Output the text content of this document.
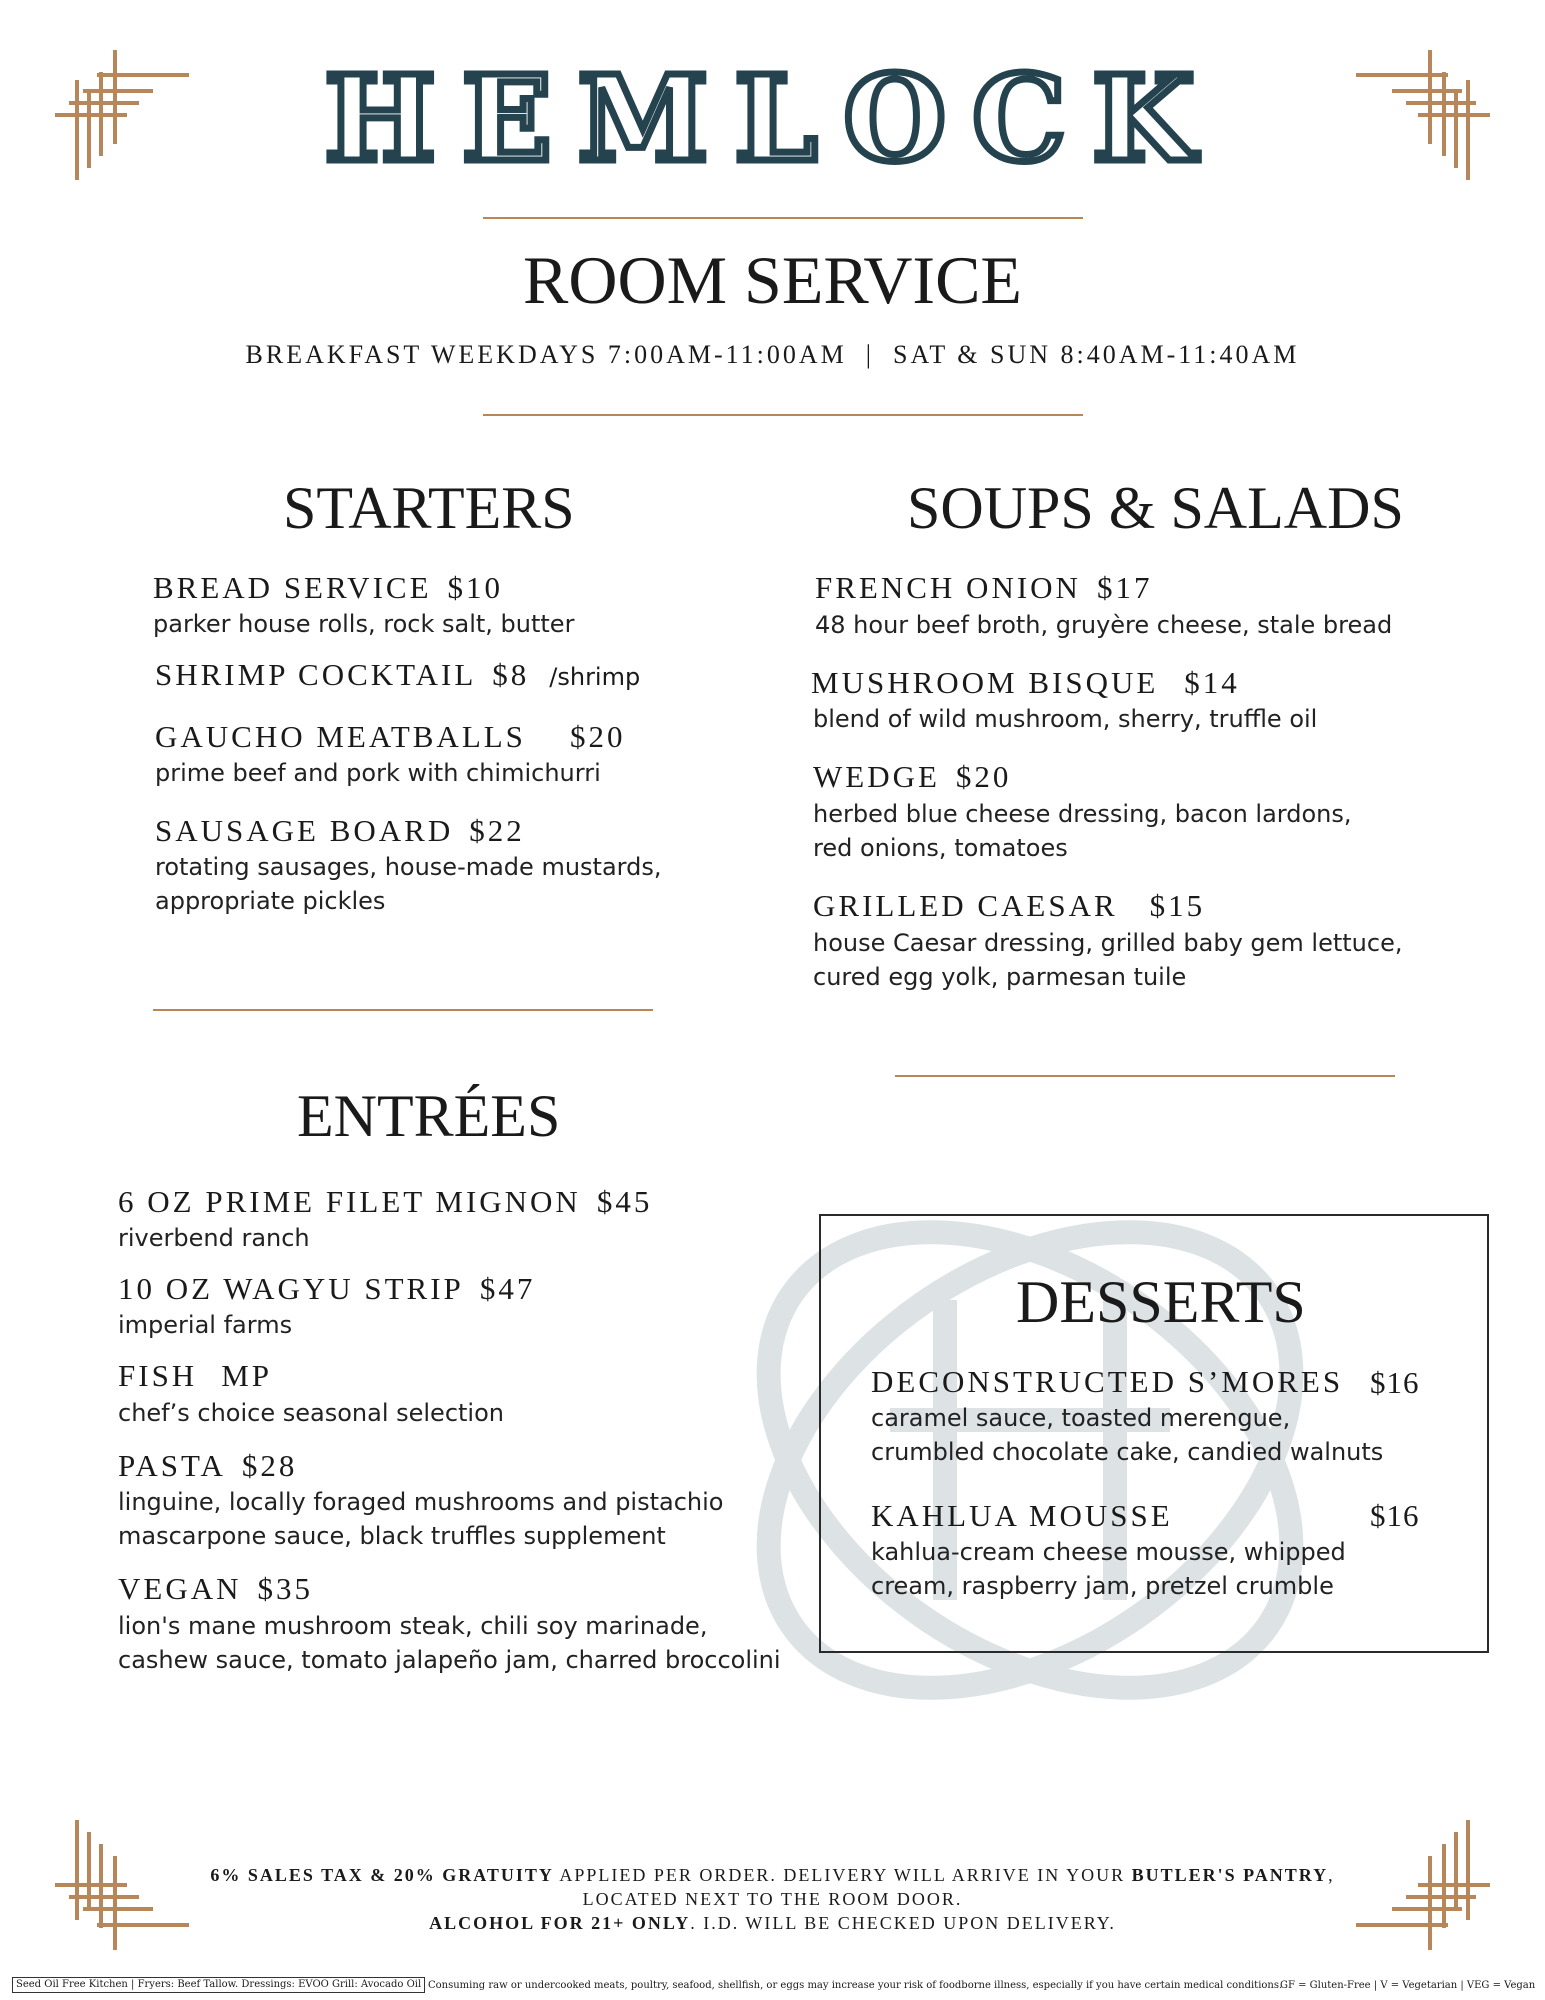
HEMLOCK
ROOM SERVICE
BREAKFAST WEEKDAYS 7:00AM-11:00AM  |  SAT & SUN 8:40AM-11:40AM
STARTERS
BREAD SERVICE $10
parker house rolls, rock salt, butter
SHRIMP COCKTAIL $8 /shrimp
GAUCHO MEATBALLS $20
prime beef and pork with chimichurri
SAUSAGE BOARD $22
rotating sausages, house-made mustards,
appropriate pickles
SOUPS & SALADS
FRENCH ONION $17
48 hour beef broth, gruyère cheese, stale bread
MUSHROOM BISQUE $14
blend of wild mushroom, sherry, truffle oil
WEDGE $20
herbed blue cheese dressing, bacon lardons,
red onions, tomatoes
GRILLED CAESAR $15
house Caesar dressing, grilled baby gem lettuce,
cured egg yolk, parmesan tuile
ENTRÉES
6 OZ PRIME FILET MIGNON $45
riverbend ranch
10 OZ WAGYU STRIP $47
imperial farms
FISH MP
chef’s choice seasonal selection
PASTA $28
linguine, locally foraged mushrooms and pistachio
mascarpone sauce, black truffles supplement
VEGAN $35
lion's mane mushroom steak, chili soy marinade,
cashew sauce, tomato jalapeño jam, charred broccolini
DESSERTS
DECONSTRUCTED S’MORES $16
caramel sauce, toasted merengue,
crumbled chocolate cake, candied walnuts
KAHLUA MOUSSE	$16
kahlua-cream cheese mousse, whipped
cream, raspberry jam, pretzel crumble
6% SALES TAX & 20% GRATUITY APPLIED PER ORDER. DELIVERY WILL ARRIVE IN YOUR BUTLER'S PANTRY, LOCATED NEXT TO THE ROOM DOOR.
ALCOHOL FOR 21+ ONLY. I.D. WILL BE CHECKED UPON DELIVERY.
Seed Oil Free Kitchen | Fryers: Beef Tallow. Dressings: EVOO Grill: Avocado Oil Consuming raw or undercooked meats, poultry, seafood, shellfish, or eggs may increase your risk of foodborne illness, especially if you have certain medical conditions.
GF = Gluten-Free | V = Vegetarian | VEG = Vegan
